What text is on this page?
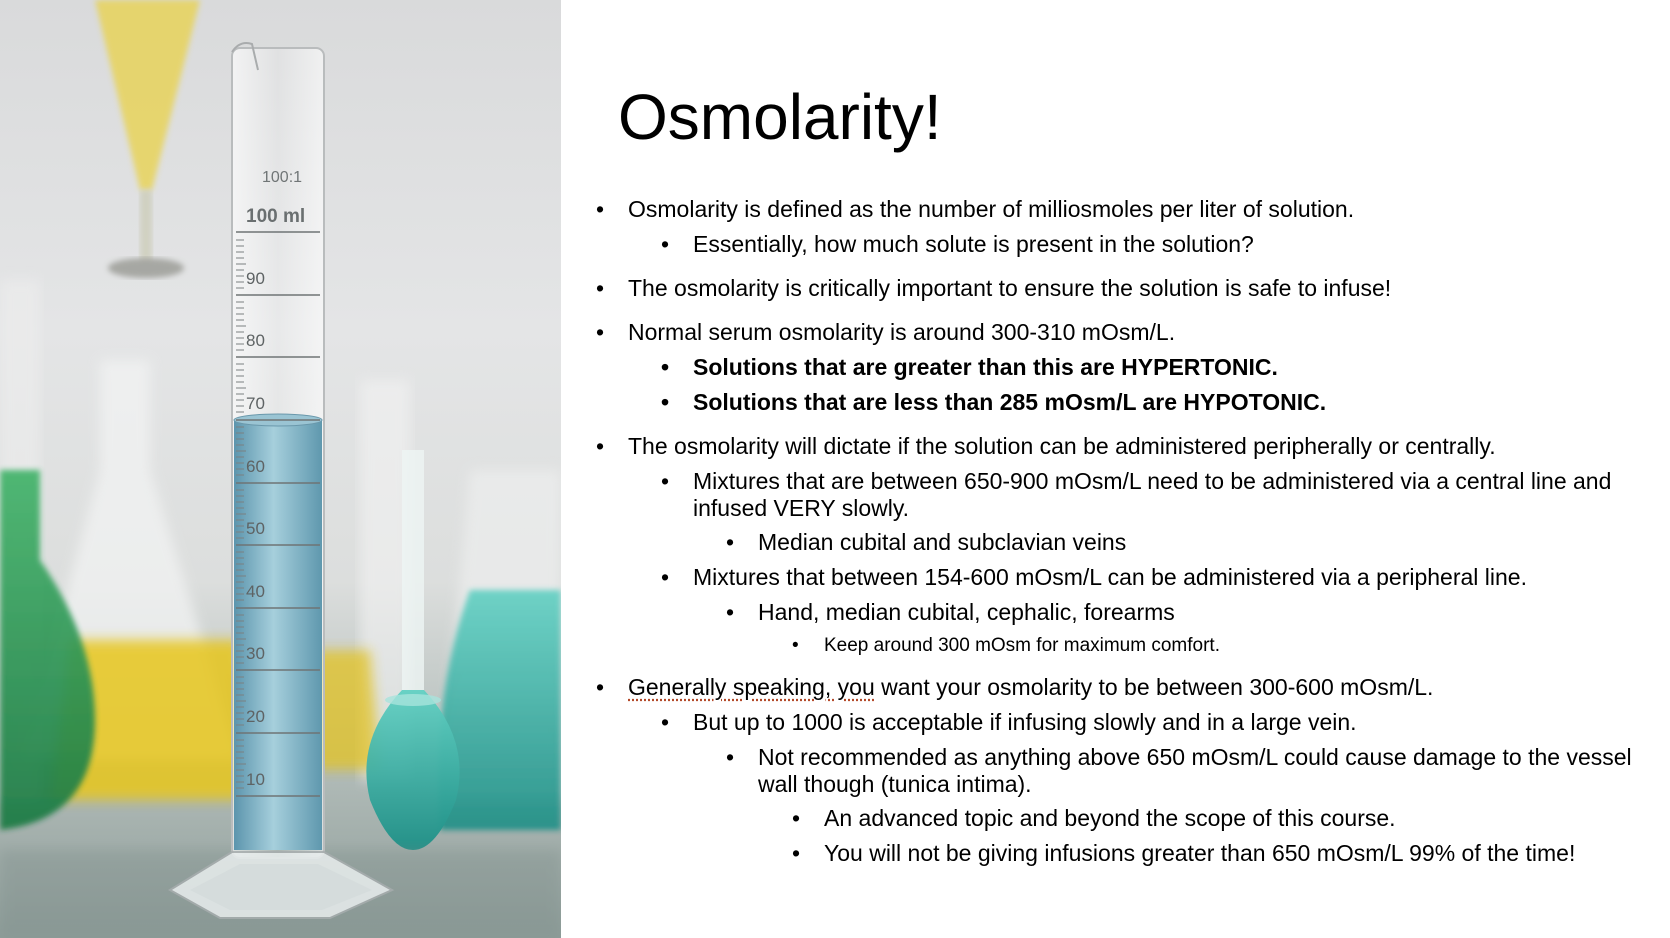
100:1
100 ml
90
80
70
60
50
40
30
20
10
Osmolarity!
• Osmolarity is defined as the number of milliosmoles per liter of solution.
• Essentially, how much solute is present in the solution?
• The osmolarity is critically important to ensure the solution is safe to infuse!
• Normal serum osmolarity is around 300-310 mOsm/L.
• Solutions that are greater than this are HYPERTONIC.
• Solutions that are less than 285 mOsm/L are HYPOTONIC.
• The osmolarity will dictate if the solution can be administered peripherally or centrally.
• Mixtures that are between 650-900 mOsm/L need to be administered via a central line and infused VERY slowly.
• Median cubital and subclavian veins
• Mixtures that between 154-600 mOsm/L can be administered via a peripheral line.
• Hand, median cubital, cephalic, forearms
• Keep around 300 mOsm for maximum comfort.
• Generally speaking, you want your osmolarity to be between 300-600 mOsm/L.
• But up to 1000 is acceptable if infusing slowly and in a large vein.
• Not recommended as anything above 650 mOsm/L could cause damage to the vessel wall though (tunica intima).
• An advanced topic and beyond the scope of this course.
• You will not be giving infusions greater than 650 mOsm/L 99% of the time!
